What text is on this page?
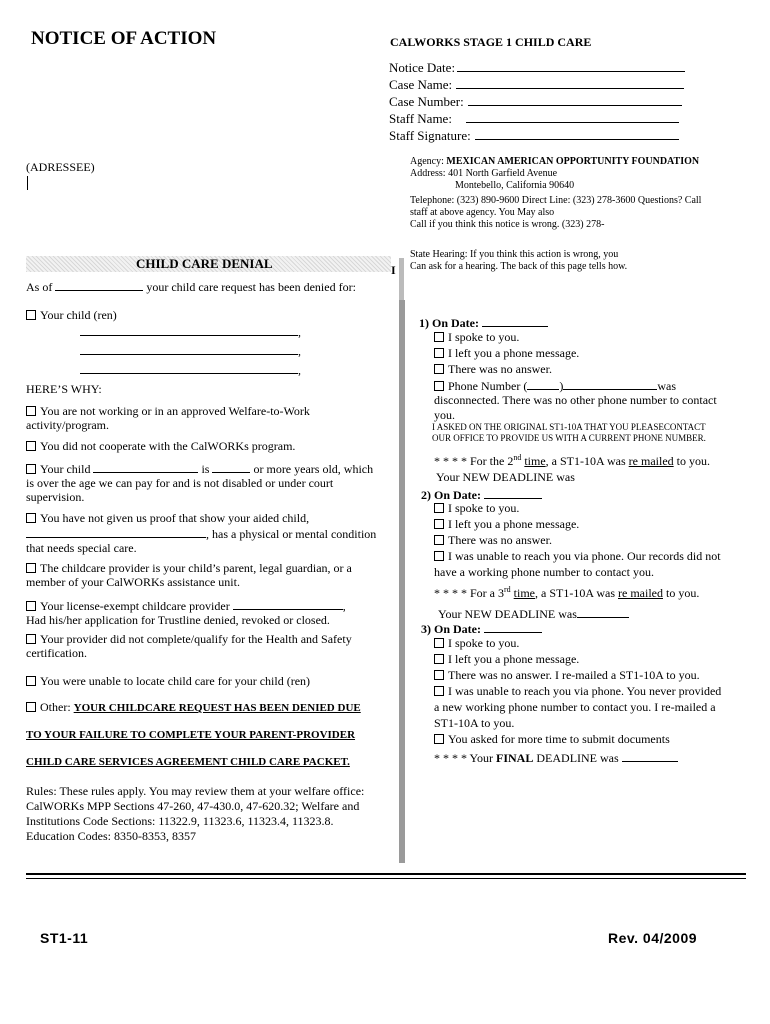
NOTICE OF ACTION	CALWORKS STAGE 1 CHILD CARE
Notice Date:
Case Name:
Case Number:
Staff Name:
Staff Signature:
(ADRESSEE)	Agency: MEXICAN AMERICAN OPPORTUNITY FOUNDATION
Address: 401 North Garfield Avenue
Montebello, California 90640
Telephone: (323) 890-9600 Direct Line: (323) 278-3600 Questions? Call
staff at above agency. You May also
Call if you think this notice is wrong. (323) 278-
State Hearing: If you think this action is wrong, you
Can ask for a hearing. The back of this page tells how.
I
CHILD CARE DENIAL
As of	your child care request has been denied for:
Your child (ren)
,
,
,
HERE’S WHY:
You are not working or in an approved Welfare-to-Work
activity/program.
You did not cooperate with the CalWORKs program.
Your child	is	or more years old, which
is over the age we can pay for and is not disabled or under court
supervision.
You have not given us proof that show your aided child,
, has a physical or mental condition
that needs special care.
The childcare provider is your child’s parent, legal guardian, or a
member of your CalWORKs assistance unit.
Your license-exempt childcare provider	,
Had his/her application for Trustline denied, revoked or closed.
Your provider did not complete/qualify for the Health and Safety
certification.
You were unable to locate child care for your child (ren)
Other: YOUR CHILDCARE REQUEST HAS BEEN DENIED DUE
TO YOUR FAILURE TO COMPLETE YOUR PARENT-PROVIDER
CHILD CARE SERVICES AGREEMENT CHILD CARE PACKET.
Rules: These rules apply. You may review them at your welfare office:
CalWORKs MPP Sections 47-260, 47-430.0, 47-620.32; Welfare and
Institutions Code Sections: 11322.9, 11323.6, 11323.4, 11323.8.
Education Codes: 8350-8353, 8357
1) On Date:
I spoke to you.
I left you a phone message.
There was no answer.
Phone Number (	)	was
disconnected. There was no other phone number to contact
you.
I ASKED ON THE ORIGINAL ST1-10A THAT YOU PLEASECONTACT
OUR OFFICE TO PROVIDE US WITH A CURRENT PHONE NUMBER.
* * * * For the 2nd time, a ST1-10A was re mailed to you.
Your NEW DEADLINE was
2) On Date:
I spoke to you.
I left you a phone message.
There was no answer.
I was unable to reach you via phone. Our records did not
have a working phone number to contact you.
* * * * For a 3rd time, a ST1-10A was re mailed to you.
Your NEW DEADLINE was
3) On Date:
I spoke to you.
I left you a phone message.
There was no answer. I re-mailed a ST1-10A to you.
I was unable to reach you via phone. You never provided
a new working phone number to contact you. I re-mailed a
ST1-10A to you.
You asked for more time to submit documents
* * * * Your FINAL DEADLINE was
ST1-11	Rev. 04/2009
